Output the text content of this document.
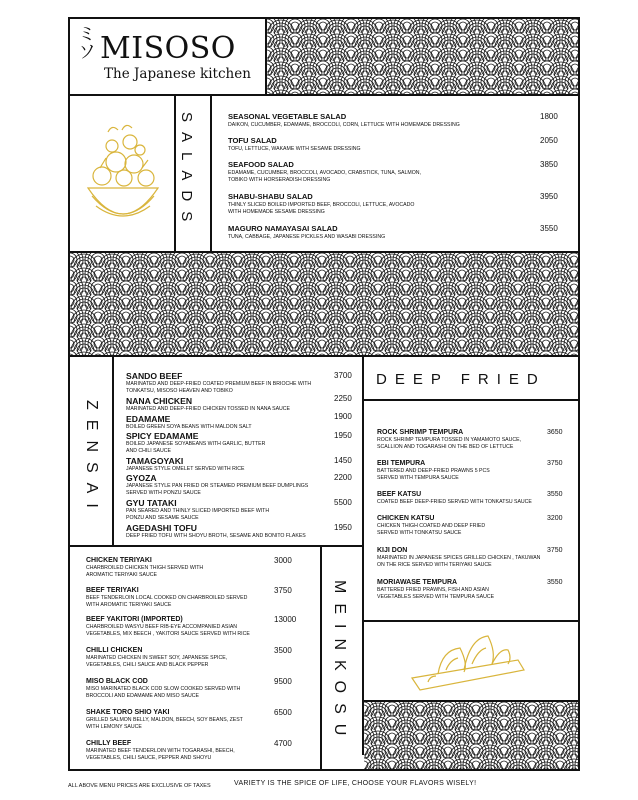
ミソ MISOSO
The Japanese kitchen
SALADS	SEASONAL VEGETABLE SALAD	1800
DAIKON, CUCUMBER, EDAMAME, BROCCOLI, CORN, LETTUCE WITH HOMEMADE DRESSING
TOFU SALAD	2050
TOFU, LETTUCE, WAKAME WITH SESAME DRESSING
SEAFOOD SALAD	3850
EDAMAME, CUCUMBER, BROCCOLI, AVOCADO, CRABSTICK, TUNA, SALMON, TOBIKO WITH HORSERADISH DRESSING
SHABU-SHABU SALAD	3950
THINLY SLICED BOILED IMPORTED BEEF, BROCCOLI, LETTUCE, AVOCADO WITH HOMEMADE SESAME DRESSING
MAGURO NAMAYASAI SALAD	3550
TUNA, CABBAGE, JAPANESE PICKLES AND WASABI DRESSING
ZENSAI
SANDO BEEF	3700
MARINATED AND DEEP-FRIED COATED PREMIUM BEEF IN BRIOCHE WITH TONKATSU, MISOSO HEAVEN AND TOBIKO
NANA CHICKEN	2250
MARINATED AND DEEP-FRIED CHICKEN TOSSED IN NANA SAUCE
EDAMAME	1900
BOILED GREEN SOYA BEANS WITH MALDON SALT
SPICY EDAMAME	1950
BOILED JAPANESE SOYABEANS WITH GARLIC, BUTTER AND CHILI SAUCE
TAMAGOYAKI	1450
JAPANESE STYLE OMELET SERVED WITH RICE
GYOZA	2200
JAPANESE STYLE PAN FRIED OR STEAMED PREMIUM BEEF DUMPLINGS SERVED WITH PONZU SAUCE
GYU TATAKI	5500
PAN SEARED AND THINLY SLICED IMPORTED BEEF WITH PONZU AND SESAME SAUCE
AGEDASHI TOFU	1950
DEEP FRIED TOFU WITH SHOYU BROTH, SESAME AND BONITO FLAKES
DEEP FRIED
ROCK SHRIMP TEMPURA	3650
ROCK SHRIMP TEMPURA TOSSED IN YAMAMOTO SAUCE, SCALLION AND TOGARASHI ON THE BED OF LETTUCE
EBI TEMPURA	3750
BATTERED AND DEEP-FRIED PRAWNS 5 PCS SERVED WITH TEMPURA SAUCE
BEEF KATSU	3550
COATED BEEF DEEP-FRIED SERVED WITH TONKATSU SAUCE
CHICKEN KATSU	3200
CHICKEN THIGH COATED AND DEEP FRIED SERVED WITH TONKATSU SAUCE
KIJI DON	3750
MARINATED IN JAPANESE SPICES GRILLED CHICKEN , TAKUWAN ON THE RICE SERVED WITH TERIYAKI SAUCE
MORIAWASE TEMPURA	3550
BATTERED FRIED PRAWNS, FISH AND ASIAN VEGETABLES SERVED WITH TEMPURA SAUCE
MEINKOSU
CHICKEN TERIYAKI	3000
CHARBROILED CHICKEN THIGH SERVED WITH AROMATIC TERIYAKI SAUCE
BEEF TERIYAKI	3750
BEEF TENDERLOIN LOCAL COOKED ON CHARBROILED SERVED WITH AROMATIC TERIYAKI SAUCE
BEEF YAKITORI (IMPORTED)	13000
CHARBROILED WASYU BEEF RIB-EYE ACCOMPANIED ASIAN VEGETABLES, MIX BEECH , YAKITORI SAUCE SERVED WITH RICE
CHILLI CHICKEN	3500
MARINATED CHICKEN IN SWEET SOY, JAPANESE SPICE, VEGETABLES, CHILI SAUCE AND BLACK PEPPER
MISO BLACK COD	9500
MISO MARINATED BLACK COD SLOW COOKED SERVED WITH BROCCOLI AND EDAMAME AND MISO SAUCE
SHAKE TORO SHIO YAKI	6500
GRILLED SALMON BELLY, MALDON, BEECH, SOY BEANS, ZEST WITH LEMONY SAUCE
CHILLY BEEF	4700
MARINATED BEEF TENDERLOIN WITH TOGARASHI, BEECH, VEGETABLES, CHILI SAUCE, PEPPER AND SHOYU
ALL ABOVE MENU PRICES ARE EXCLUSIVE OF TAXES	VARIETY IS THE SPICE OF LIFE, CHOOSE YOUR FLAVORS WISELY!
